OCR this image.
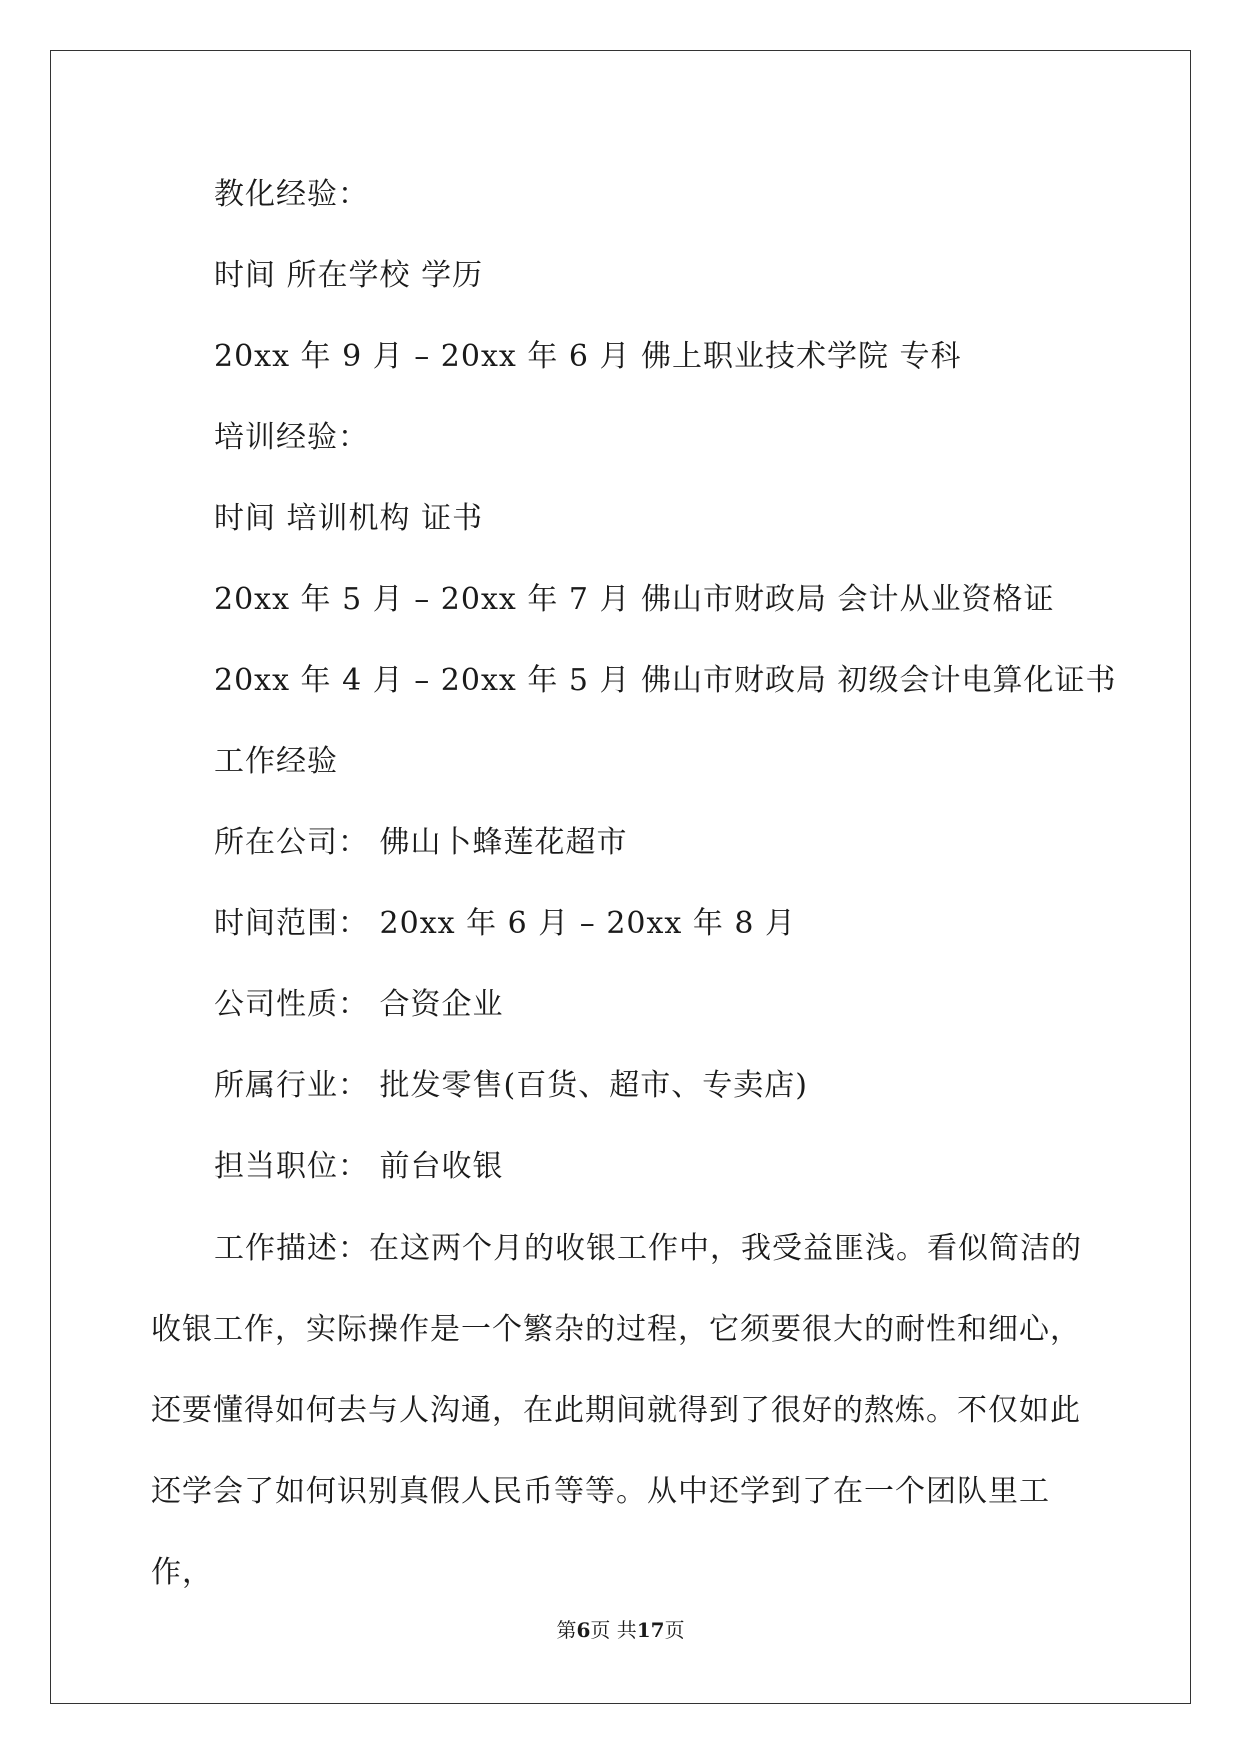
教化经验：
时间 所在学校 学历
20xx 年 9 月 – 20xx 年 6 月 佛上职业技术学院 专科
培训经验：
时间 培训机构 证书
20xx 年 5 月 – 20xx 年 7 月 佛山市财政局 会计从业资格证
20xx 年 4 月 – 20xx 年 5 月 佛山市财政局 初级会计电算化证书
工作经验
所在公司： 佛山卜蜂莲花超市
时间范围： 20xx 年 6 月 – 20xx 年 8 月
公司性质： 合资企业
所属行业： 批发零售(百货、超市、专卖店)
担当职位： 前台收银
工作描述：在这两个月的收银工作中，我受益匪浅。看似简洁的收银工作，实际操作是一个繁杂的过程，它须要很大的耐性和细心，还要懂得如何去与人沟通，在此期间就得到了很好的熬炼。不仅如此还学会了如何识别真假人民币等等。从中还学到了在一个团队里工作，
第6页 共17页
